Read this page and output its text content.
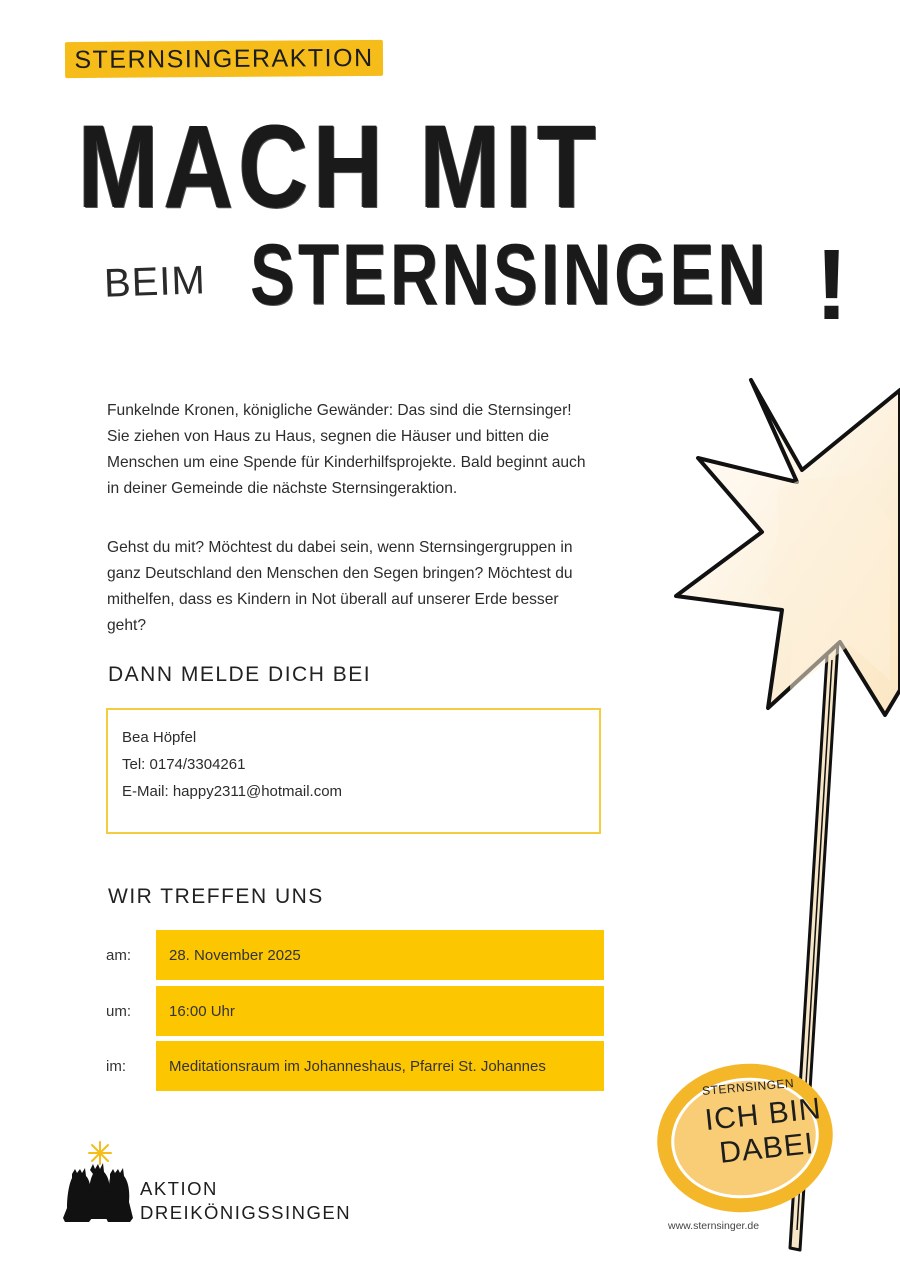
STERNSINGERAKTION
MACH MIT
BEIM STERNSINGEN !

Funkelnde Kronen, königliche Gewänder: Das sind die Sternsinger! Sie ziehen von Haus zu Haus, segnen die Häuser und bitten die Menschen um eine Spende für Kinderhilfsprojekte. Bald beginnt auch in deiner Gemeinde die nächste Sternsingeraktion.

Gehst du mit? Möchtest du dabei sein, wenn Sternsingergruppen in ganz Deutschland den Menschen den Segen bringen? Möchtest du mithelfen, dass es Kindern in Not überall auf unserer Erde besser geht?

DANN MELDE DICH BEI
Bea Höpfel
Tel: 0174/3304261
E-Mail: happy2311@hotmail.com
WIR TREFFEN UNS
am:	28. November 2025
um:	16:00 Uhr
im:	Meditationsraum im Johanneshaus, Pfarrei St. Johannes
AKTION
DREIKÖNIGSSINGEN
STERNSINGEN
ICH BIN
DABEI
www.sternsinger.de
